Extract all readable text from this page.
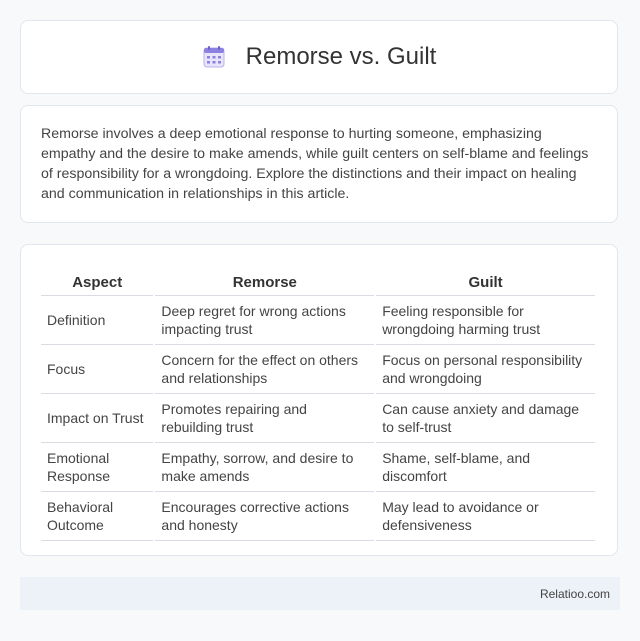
Remorse vs. Guilt

Remorse involves a deep emotional response to hurting someone, emphasizing empathy and the desire to make amends, while guilt centers on self-blame and feelings of responsibility for a wrongdoing. Explore the distinctions and their impact on healing and communication in relationships in this article.

Aspect	Remorse	Guilt
Definition	Deep regret for wrong actions impacting trust	Feeling responsible for wrongdoing harming trust
Focus	Concern for the effect on others and relationships	Focus on personal responsibility and wrongdoing
Impact on Trust	Promotes repairing and rebuilding trust	Can cause anxiety and damage to self-trust
Emotional Response	Empathy, sorrow, and desire to make amends	Shame, self-blame, and discomfort
Behavioral Outcome	Encourages corrective actions and honesty	May lead to avoidance or defensiveness
Relatioo.com
